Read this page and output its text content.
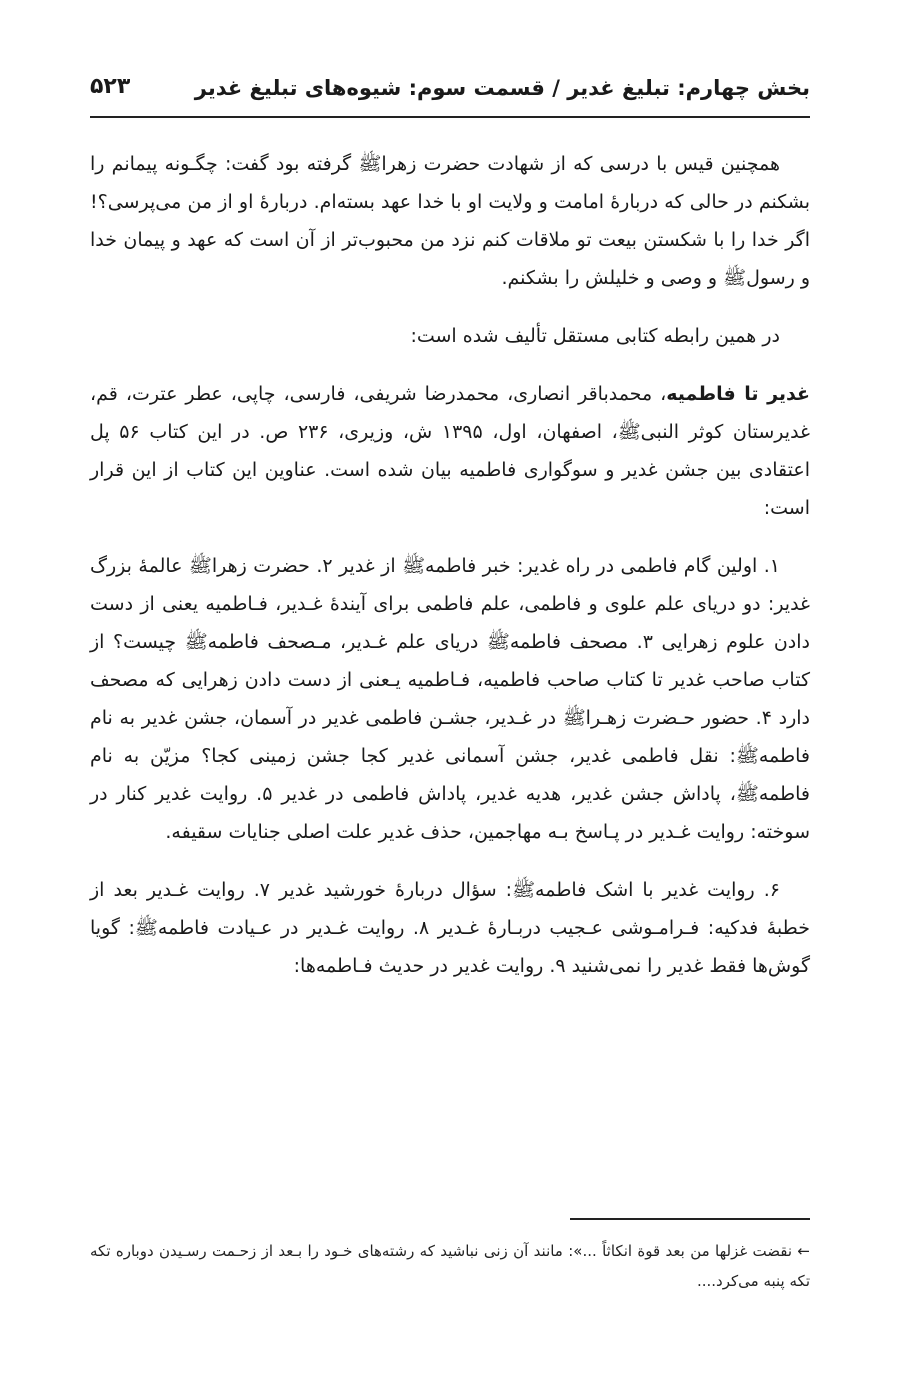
بخش چهارم: تبلیغ غدیر / قسمت سوم: شیوه‌های تبلیغ غدیر
۵۲۳

همچنین قیس با درسی که از شهادت حضرت زهراﷺ گرفته بود گفت: چگـونه پیمانم را بشکنم در حالی که دربارهٔ امامت و ولایت او با خدا عهد بسته‌ام. دربارهٔ او از من می‌پرسی؟! اگر خدا را با شکستن بیعت تو ملاقات کنم نزد من محبوب‌تر از آن است که عهد و پیمان خدا و رسولﷺ و وصی و خلیلش را بشکنم.

در همین رابطه کتابی مستقل تألیف شده است:

غدیر تا فاطمیه، محمدباقر انصاری، محمدرضا شریفی، فارسی، چاپی، عطر عترت، قم، غدیرستان کوثر النبیﷺ، اصفهان، اول، ۱۳۹۵ ش، وزیری، ۲۳۶ ص. در این کتاب ۵۶ پل اعتقادی بین جشن غدیر و سوگواری فاطمیه بیان شده است. عناوین این کتاب از این قرار است:

۱. اولین گام فاطمی در راه غدیر: خبر فاطمهﷺ از غدیر ۲. حضرت زهراﷺ عالمهٔ بزرگ غدیر: دو دریای علم علوی و فاطمی، علم فاطمی برای آیندهٔ غـدیر، فـاطمیه یعنی از دست دادن علوم زهرایی ۳. مصحف فاطمهﷺ دریای علم غـدیر، مـصحف فاطمهﷺ چیست؟ از کتاب صاحب غدیر تا کتاب صاحب فاطمیه، فـاطمیه یـعنی از دست دادن زهرایی که مصحف دارد ۴. حضور حـضرت زهـراﷺ در غـدیر، جشـن فاطمی غدیر در آسمان، جشن غدیر به نام فاطمهﷺ: نقل فاطمی غدیر، جشن آسمانی غدیر کجا جشن زمینی کجا؟ مزیّن به نام فاطمهﷺ، پاداش جشن غدیر، هدیه غدیر، پاداش فاطمی در غدیر ۵. روایت غدیر کنار در سوخته: روایت غـدیر در پـاسخ بـه مهاجمین، حذف غدیر علت اصلی جنایات سقیفه.

۶. روایت غدیر با اشک فاطمهﷺ: سؤال دربارهٔ خورشید غدیر ۷. روایت غـدیر بعد از خطبهٔ فدکیه: فـرامـوشی عـجیب دربـارهٔ غـدیر ۸. روایت غـدیر در عـیادت فاطمهﷺ: گویا گوش‌ها فقط غدیر را نمی‌شنید ۹. روایت غدیر در حدیث فـاطمه‌ها:

← نقضت غزلها من بعد قوة انکاثاً ...»: مانند آن زنی نباشید که رشته‌های خـود را بـعد از زحـمت رسـیدن دوباره تکه تکه پنبه می‌کرد....
